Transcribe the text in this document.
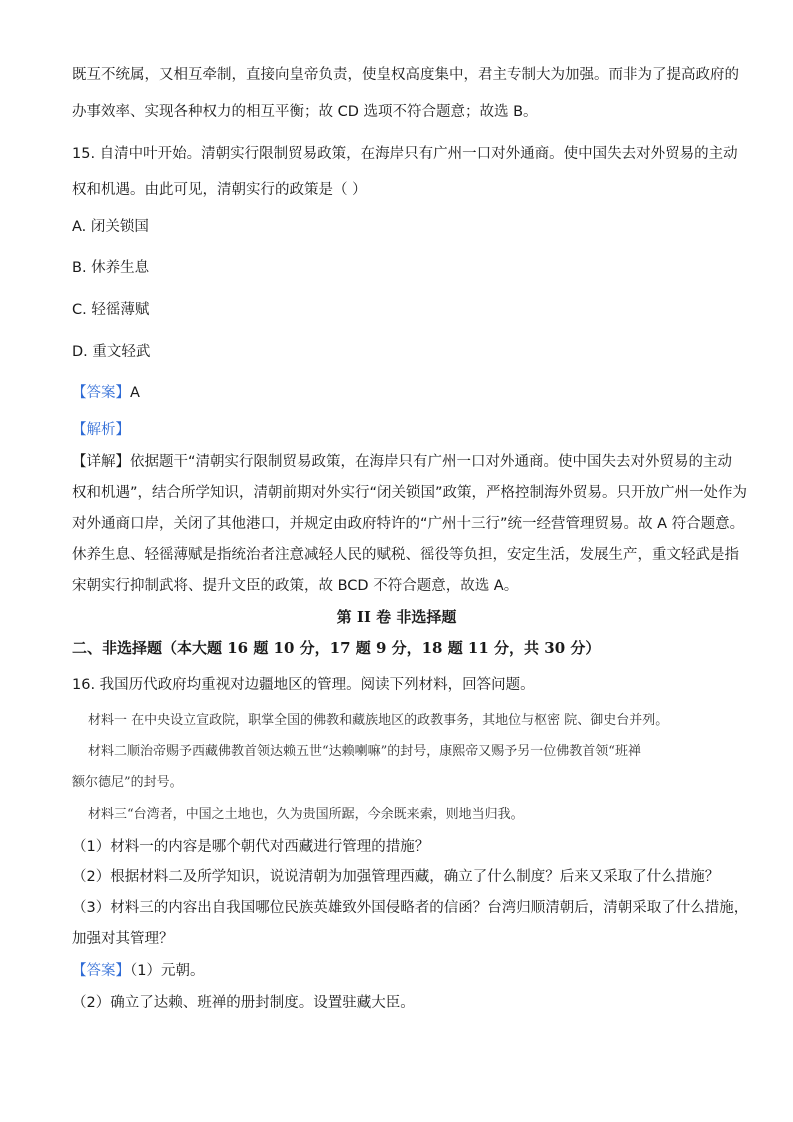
既互不统属，又相互牵制，直接向皇帝负责，使皇权高度集中，君主专制大为加强。而非为了提高政府的
办事效率、实现各种权力的相互平衡；故 CD 选项不符合题意；故选 B。
15. 自清中叶开始。清朝实行限制贸易政策，在海岸只有广州一口对外通商。使中国失去对外贸易的主动
权和机遇。由此可见，清朝实行的政策是（ ）
A. 闭关锁国
B. 休养生息
C. 轻徭薄赋
D. 重文轻武
【答案】A
【解析】
【详解】依据题干“清朝实行限制贸易政策，在海岸只有广州一口对外通商。使中国失去对外贸易的主动
权和机遇”，结合所学知识，清朝前期对外实行“闭关锁国”政策，严格控制海外贸易。只开放广州一处作为
对外通商口岸，关闭了其他港口，并规定由政府特许的“广州十三行”统一经营管理贸易。故 A 符合题意。
休养生息、轻徭薄赋是指统治者注意减轻人民的赋税、徭役等负担，安定生活，发展生产，重文轻武是指
宋朝实行抑制武将、提升文臣的政策，故 BCD 不符合题意，故选 A。
第 II 卷 非选择题
二、非选择题（本大题 16 题 10 分，17 题 9 分，18 题 11 分，共 30 分）
16. 我国历代政府均重视对边疆地区的管理。阅读下列材料，回答问题。
材料一 在中央设立宣政院，职掌全国的佛教和藏族地区的政教事务，其地位与枢密 院、御史台并列。
材料二顺治帝赐予西藏佛教首领达赖五世“达赖喇嘛”的封号，康熙帝又赐予另一位佛教首领“班禅
额尔德尼”的封号。
材料三“台湾者，中国之土地也，久为贵国所踞，今余既来索，则地当归我。
（1）材料一的内容是哪个朝代对西藏进行管理的措施？
（2）根据材料二及所学知识，说说清朝为加强管理西藏，确立了什么制度？后来又采取了什么措施？
（3）材料三的内容出自我国哪位民族英雄致外国侵略者的信函？台湾归顺清朝后，清朝采取了什么措施，
加强对其管理？
【答案】（1）元朝。
（2）确立了达赖、班禅的册封制度。设置驻藏大臣。
